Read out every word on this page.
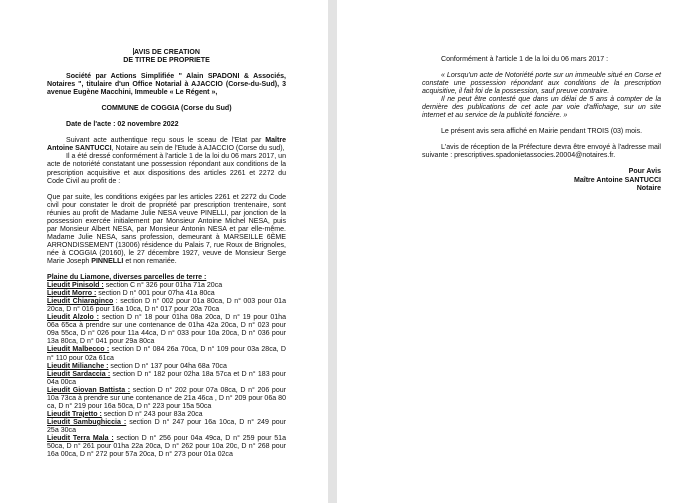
AVIS DE CREATION
DE TITRE DE PROPRIETE

Société par Actions Simplifiée " Alain SPADONI & Associés, Notaires ", titulaire d'un Office Notarial à AJACCIO (Corse-du-Sud), 3 avenue Eugène Macchini, Immeuble « Le Régent »,

COMMUNE de COGGIA (Corse du Sud)

Date de l'acte : 02 novembre 2022

Suivant acte authentique reçu sous le sceau de l'Etat par Maître Antoine SANTUCCI, Notaire au sein de l'Etude à AJACCIO (Corse du sud),

Il a été dressé conformément à l'article 1 de la loi du 06 mars 2017, un acte de notoriété constatant une possession répondant aux conditions de la prescription acquisitive et aux dispositions des articles 2261 et 2272 du Code Civil au profit de :

Que par suite, les conditions exigées par les articles 2261 et 2272 du Code civil pour constater le droit de propriété par prescription trentenaire, sont réunies au profit de Madame Julie NESA veuve PINELLI, par jonction de la possession exercée initialement par Monsieur Antoine Michel NESA, puis par Monsieur Albert NESA, par Monsieur Antonin NESA et par elle-même. Madame Julie NESA, sans profession, demeurant à MARSEILLE 6ÈME ARRONDISSEMENT (13006) résidence du Palais 7, rue Roux de Brignoles, née à COGGIA (20160), le 27 décembre 1927, veuve de Monsieur Serge Marie Joseph PINNELLI et non remariée.

Plaine du Liamone, diverses parcelles de terre :

Lieudit Pinisold : section C n° 326 pour 01ha 71a 20ca

Lieudit Morro : section D n° 001 pour 07ha 41a 80ca

Lieudit Chiaraginco : section D n° 002 pour 01a 80ca, D n° 003 pour 01a 20ca, D n° 016 pour 16a 10ca, D n° 017 pour 20a 70ca

Lieudit Alzolo : section D n° 18 pour 01ha 08a 20ca, D n° 19 pour 01ha 06a 65ca à prendre sur une contenance de 01ha 42a 20ca, D n° 023 pour 09a 55ca, D n° 026 pour 11a 44ca, D n° 033 pour 10a 20ca, D n° 036 pour 13a 80ca, D n° 041 pour 29a 80ca

Lieudit Malbecco : section D n° 084 26a 70ca, D n° 109 pour 03a 28ca, D n° 110 pour 02a 61ca

Lieudit Milianche : section D n° 137 pour 04ha 68a 70ca

Lieudit Sardaccia : section D n° 182 pour 02ha 18a 57ca et D n° 183 pour 04a 00ca

Lieudit Giovan Battista : section D n° 202 pour 07a 08ca, D n° 206 pour 10a 73ca à prendre sur une contenance de 21a 46ca , D n° 209 pour 06a 80 ca, D n° 219 pour 16a 50ca, D n° 223 pour 15a 50ca

Lieudit Trajetto : section D n° 243 pour 83a 20ca

Lieudit Sambughiccia : section D n° 247 pour 16a 10ca, D n° 249 pour 25a 30ca

Lieudit Terra Mala : section D n° 256 pour 04a 49ca, D n° 259 pour 51a 50ca, D n° 261 pour 01ha 22a 20ca, D n° 262 pour 10a 20c, D n° 268 pour 16a 00ca, D n° 272 pour 57a 20ca, D n° 273 pour 01a 02ca

Conformément à l'article 1 de la loi du 06 mars 2017 :

« Lorsqu'un acte de Notoriété porte sur un immeuble situé en Corse et constate une possession répondant aux conditions de la prescription acquisitive, il fait foi de la possession, sauf preuve contraire.

Il ne peut être contesté que dans un délai de 5 ans à compter de la dernière des publications de cet acte par voie d'affichage, sur un site internet et au service de la publicité foncière. »

Le présent avis sera affiché en Mairie pendant TROIS (03) mois.

L'avis de réception de la Préfecture devra être envoyé à l'adresse mail suivante : prescriptives.spadonietassocies.20004@notaires.fr.

Pour Avis

Maître Antoine SANTUCCI

Notaire
